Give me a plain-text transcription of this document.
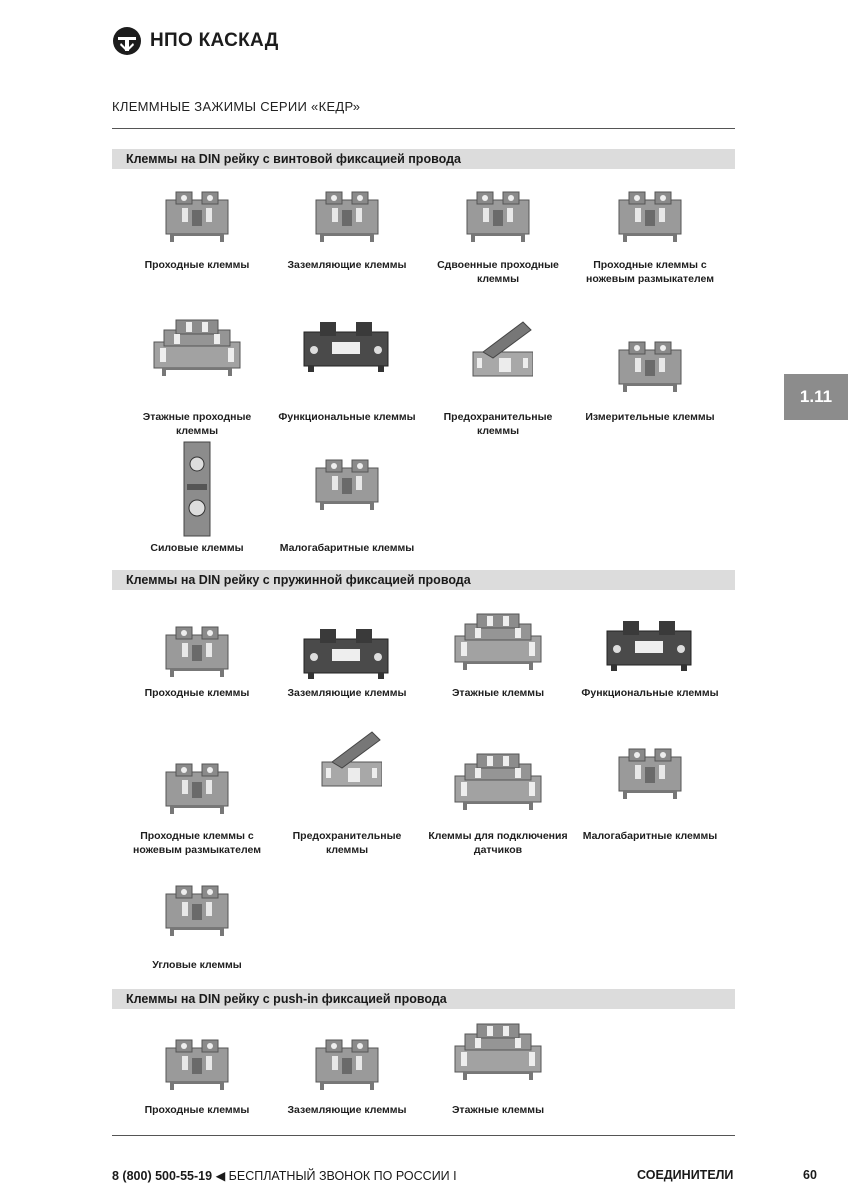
НПО КАСКАД
КЛЕММНЫЕ ЗАЖИМЫ СЕРИИ «КЕДР»
1.11
Клеммы на DIN рейку с винтовой фиксацией провода
Клеммы на DIN рейку с пружинной фиксацией провода
Клеммы на DIN рейку с push-in фиксацией провода
Проходные клеммы	Заземляющие клеммы	Сдвоенные проходные клеммы
Проходные клеммы с ножевым размыкателем
Этажные проходные клеммы
Функциональные клеммы	Предохранительные клеммы
Измерительные клеммы
Силовые клеммы	Малогабаритные клеммы
Проходные клеммы	Заземляющие клеммы	Этажные клеммы	Функциональные клеммы
Проходные клеммы с ножевым размыкателем
Предохранительные клеммы
Клеммы для подключения датчиков
Малогабаритные клеммы
Угловые клеммы
Проходные клеммы	Заземляющие клеммы	Этажные клеммы
8 (800) 500-55-19 ◀ БЕСПЛАТНЫЙ ЗВОНОК ПО РОССИИ I	СОЕДИНИТЕЛИ	60
